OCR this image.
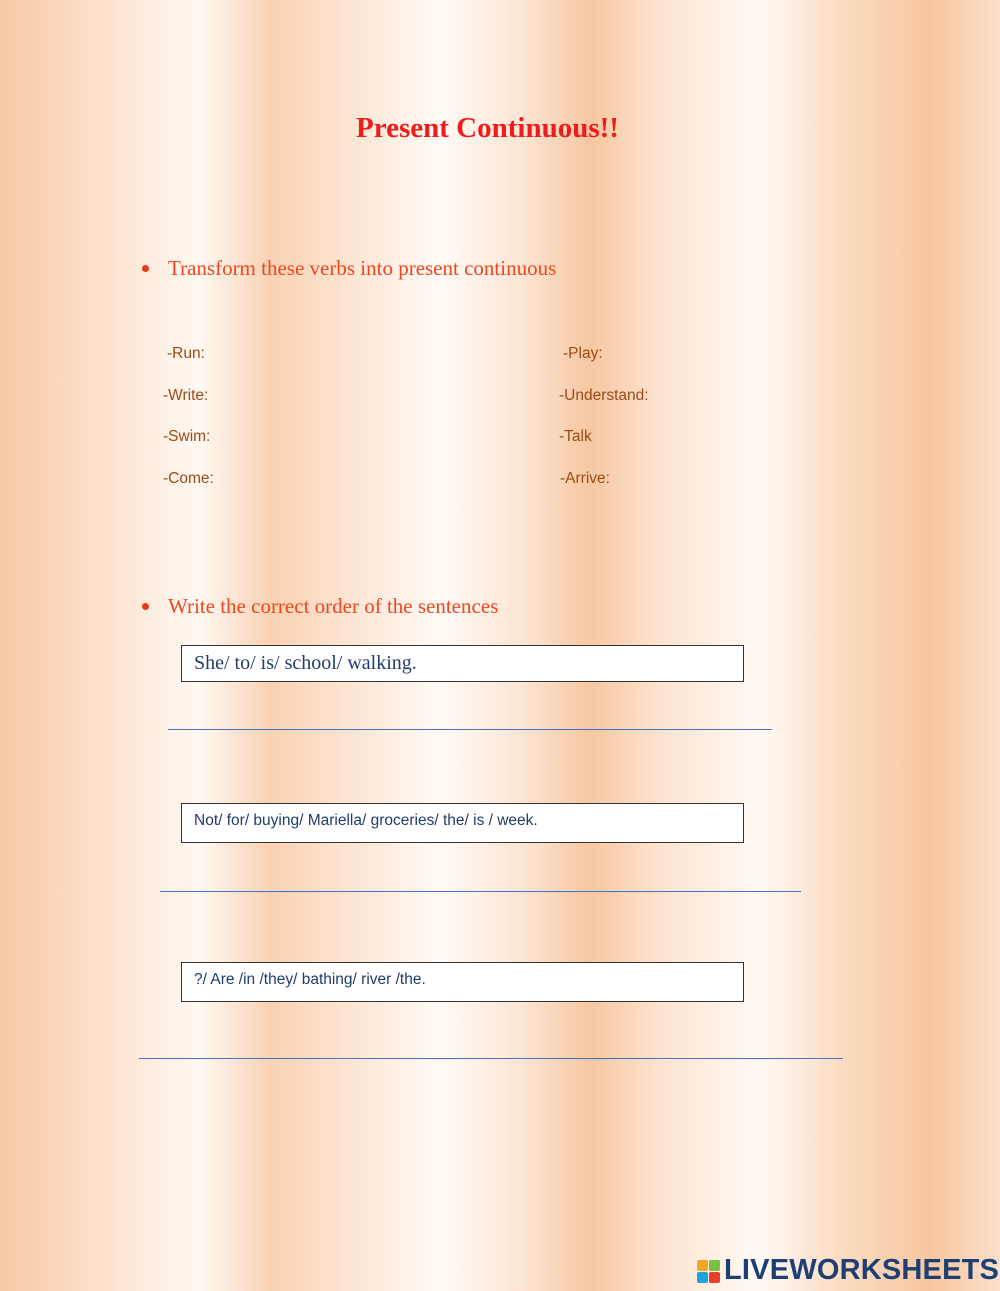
Present Continuous!!
Transform these verbs into present continuous
-Run:
-Write:
-Swim:
-Come:
-Play:
-Understand:
-Talk
-Arrive:
Write the correct order of the sentences
She/ to/ is/ school/ walking.
Not/ for/ buying/ Mariella/ groceries/ the/ is / week.
?/ Are /in /they/ bathing/ river /the.
LIVEWORKSHEETS
